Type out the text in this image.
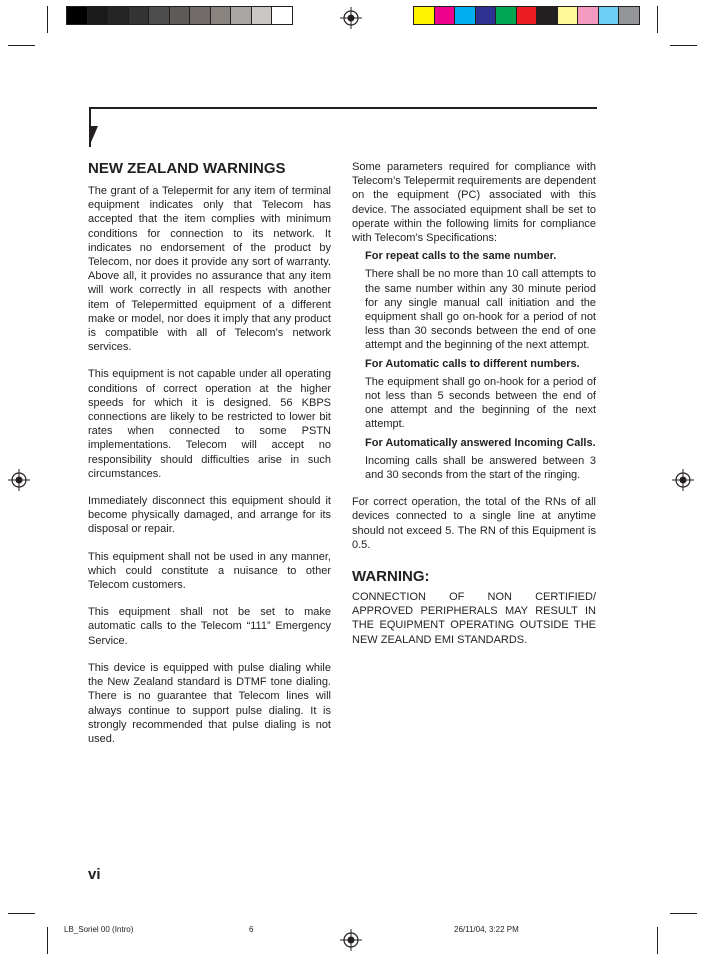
NEW ZEALAND WARNINGS

The grant of a Telepermit for any item of terminal equipment indicates only that Telecom has accepted that the item complies with minimum conditions for connection to its network. It indicates no endorsement of the product by Telecom, nor does it provide any sort of warranty. Above all, it provides no assurance that any item will work correctly in all respects with another item of Telepermitted equipment of a different make or model, nor does it imply that any product is compatible with all of Telecom’s network services.

This equipment is not capable under all operating conditions of correct operation at the higher speeds for which it is designed. 56 KBPS connections are likely to be restricted to lower bit rates when connected to some PSTN implementations. Telecom will accept no responsibility should difficulties arise in such circumstances.

Immediately disconnect this equipment should it become physically damaged, and arrange for its disposal or repair.

This equipment shall not be used in any manner, which could constitute a nuisance to other Telecom customers.

This equipment shall not be set to make automatic calls to the Telecom “111” Emergency Service.

This device is equipped with pulse dialing while the New Zealand standard is DTMF tone dialing. There is no guarantee that Telecom lines will always continue to support pulse dialing. It is strongly recommended that pulse dialing is not used.

Some parameters required for compliance with Telecom’s Telepermit requirements are dependent on the equipment (PC) associated with this device. The associated equipment shall be set to operate within the following limits for compliance with Telecom’s Specifications:

For repeat calls to the same number.

There shall be no more than 10 call attempts to the same number within any 30 minute period for any single manual call initiation and the equipment shall go on-hook for a period of not less than 30 seconds between the end of one attempt and the beginning of the next attempt.

For Automatic calls to different numbers.

The equipment shall go on-hook for a period of not less than 5 seconds between the end of one attempt and the beginning of the next attempt.

For Automatically answered Incoming Calls.

Incoming calls shall be answered between 3 and 30 seconds from the start of the ringing.

For correct operation, the total of the RNs of all devices connected to a single line at anytime should not exceed 5. The RN of this Equipment is 0.5.

WARNING:

CONNECTION OF NON CERTIFIED/ APPROVED PERIPHERALS MAY RESULT IN THE EQUIPMENT OPERATING OUTSIDE THE NEW ZEALAND EMI STANDARDS.

vi
LB_Soriel 00 (Intro)	6	26/11/04, 3:22 PM
